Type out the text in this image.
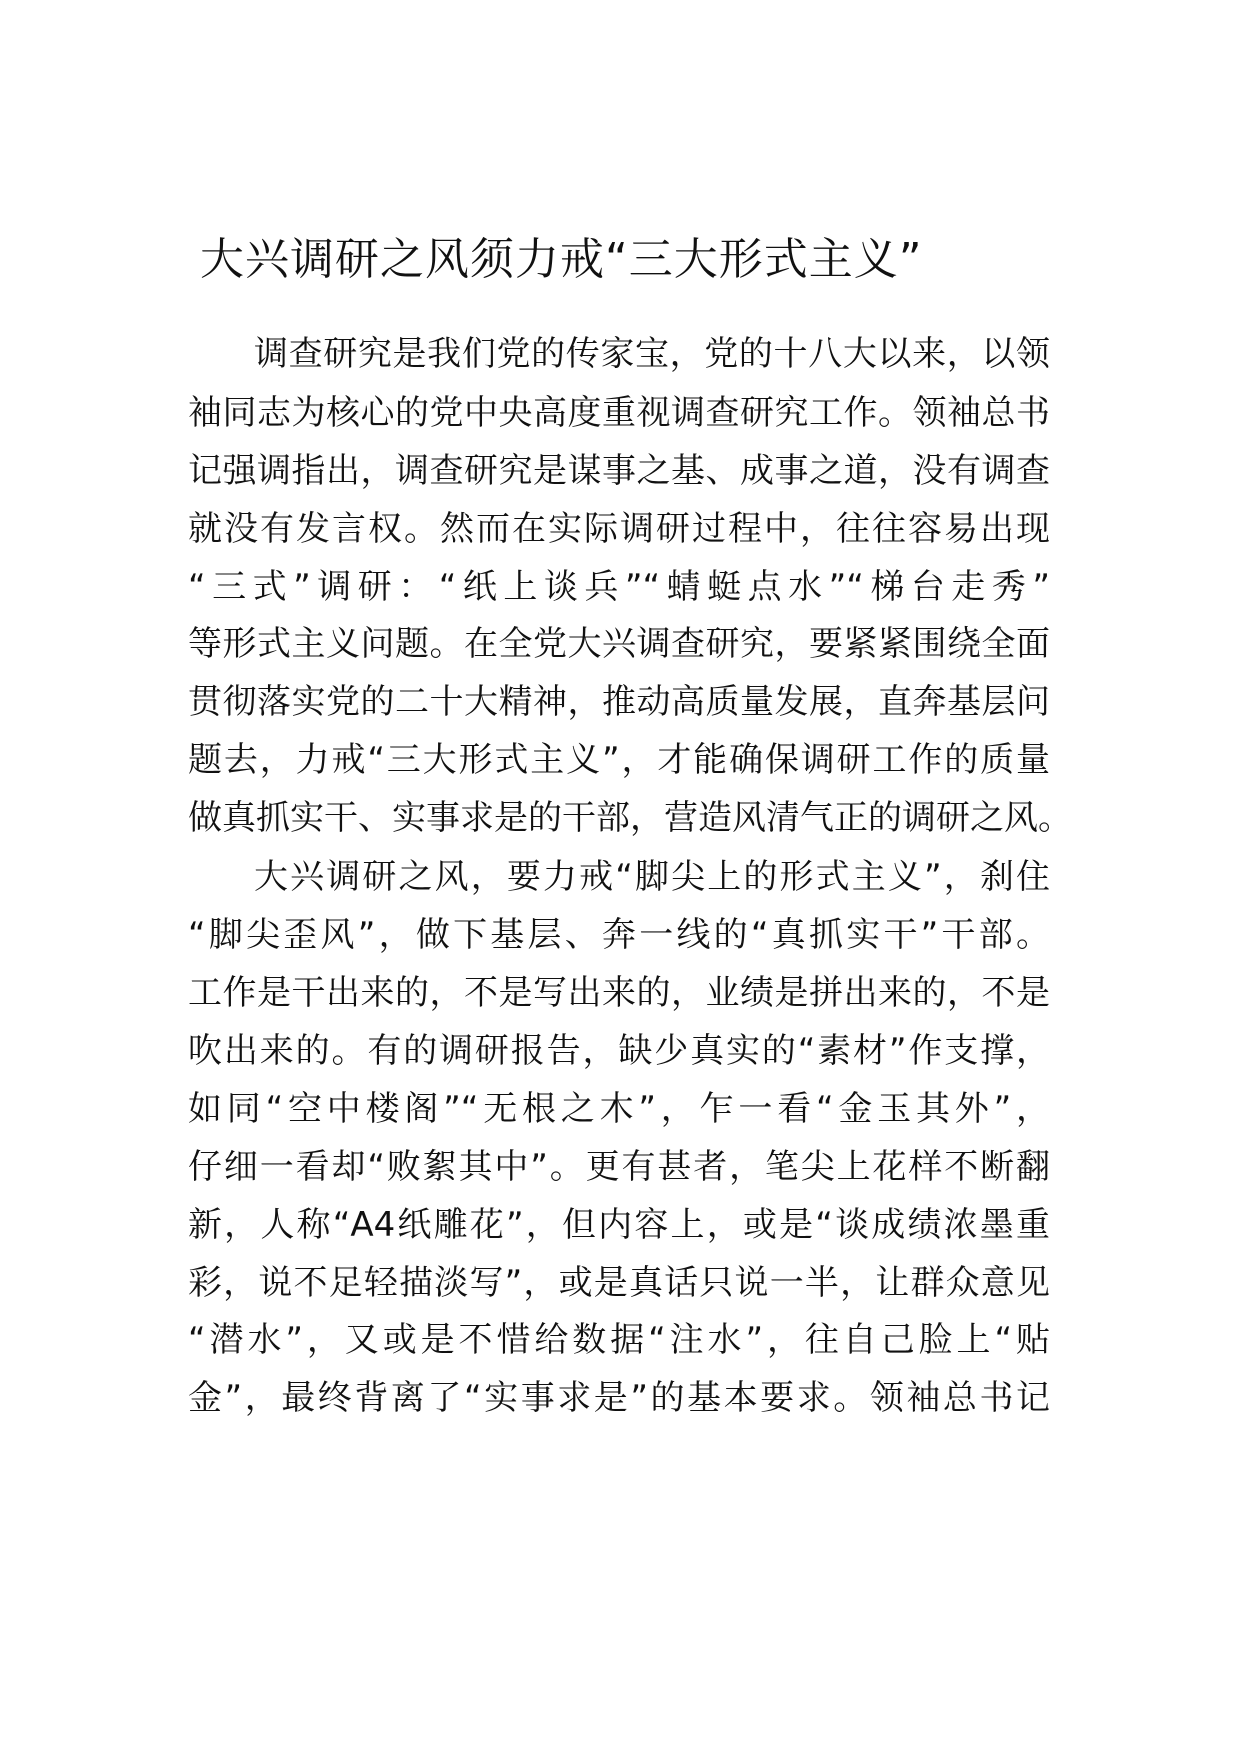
大兴调研之风须力戒“三大形式主义”
调查研究是我们党的传家宝，党的十八大以来，以领
袖同志为核心的党中央高度重视调查研究工作。领袖总书
记强调指出，调查研究是谋事之基、成事之道，没有调查
就没有发言权。然而在实际调研过程中，往往容易出现
“三式”调研：“纸上谈兵”“蜻蜓点水”“梯台走秀”
等形式主义问题。在全党大兴调查研究，要紧紧围绕全面
贯彻落实党的二十大精神，推动高质量发展，直奔基层问
题去，力戒“三大形式主义”，才能确保调研工作的质量
做真抓实干、实事求是的干部，营造风清气正的调研之风。
大兴调研之风，要力戒“脚尖上的形式主义”，刹住
“脚尖歪风”，做下基层、奔一线的“真抓实干”干部。
工作是干出来的，不是写出来的，业绩是拼出来的，不是
吹出来的。有的调研报告，缺少真实的“素材”作支撑，
如同“空中楼阁”“无根之木”，乍一看“金玉其外”，
仔细一看却“败絮其中”。更有甚者，笔尖上花样不断翻
新，人称“A4纸雕花”，但内容上，或是“谈成绩浓墨重
彩，说不足轻描淡写”，或是真话只说一半，让群众意见
“潜水”，又或是不惜给数据“注水”，往自己脸上“贴
金”，最终背离了“实事求是”的基本要求。领袖总书记
